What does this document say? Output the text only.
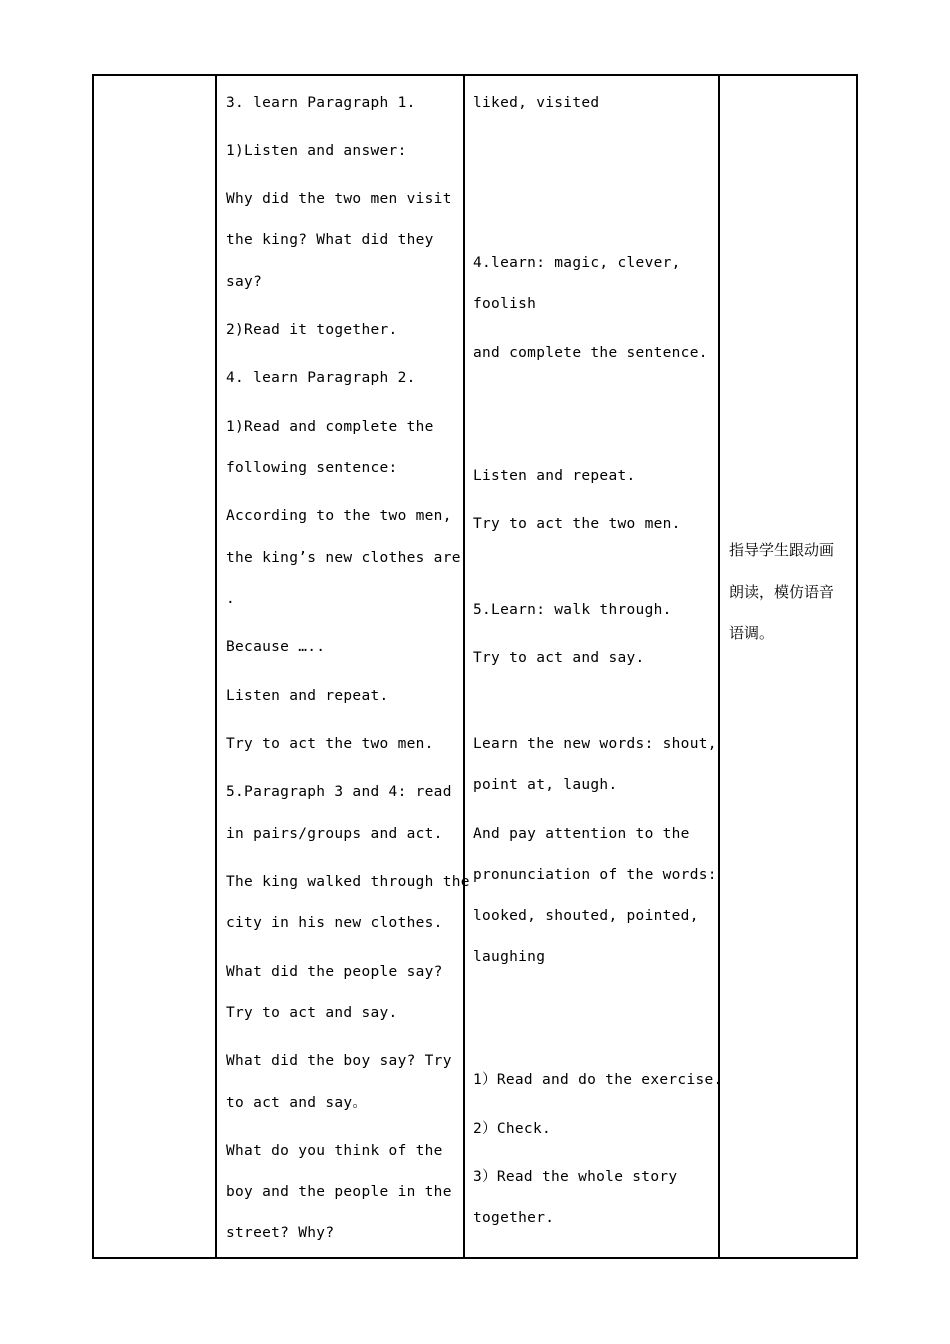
3. learn Paragraph 1.
1)Listen and answer:
Why did the two men visit
the king? What did they
say?
2)Read it together.
4. learn Paragraph 2.
1)Read and complete the
following sentence:
According to the two men,
the king’s new clothes are
.
Because …..
Listen and repeat.
Try to act the two men.
5.Paragraph 3 and 4: read
in pairs/groups and act.
The king walked through the
city in his new clothes.
What did the people say?
Try to act and say.
What did the boy say? Try
to act and say。
What do you think of the
boy and the people in the
street? Why?
liked, visited
4.learn: magic, clever,
foolish
and complete the sentence.
Listen and repeat.
Try to act the two men.
5.Learn: walk through.
Try to act and say.
Learn the new words: shout,
point at, laugh.
And pay attention to the
pronunciation of the words:
looked, shouted, pointed,
laughing
1）Read and do the exercise.
2）Check.
3）Read the whole story
together.
指导学生跟动画
朗读，模仿语音
语调。
